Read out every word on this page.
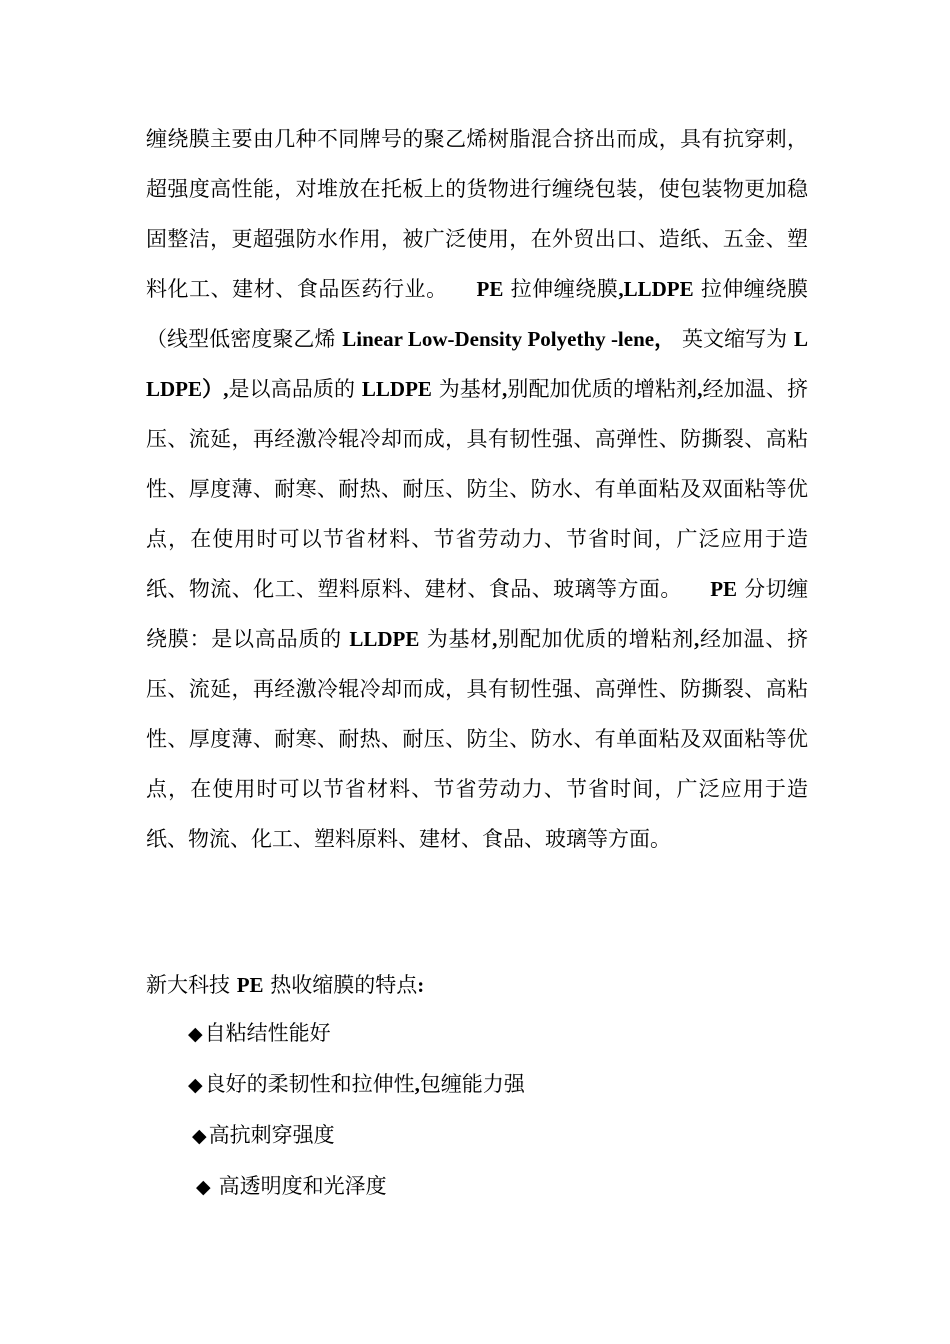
缠绕膜主要由几种不同牌号的聚乙烯树脂混合挤出而成，具有抗穿刺，超强度高性能，对堆放在托板上的货物进行缠绕包装，使包装物更加稳固整洁，更超强防水作用，被广泛使用，在外贸出口、造纸、五金、塑料化工、建材、食品医药行业。 PE 拉伸缠绕膜,LLDPE 拉伸缠绕膜（线型低密度聚乙烯 Linear Low-Density Polyethy -lene， 英文缩写为 LLDPE）,是以高品质的 LLDPE 为基材,别配加优质的增粘剂,经加温、挤压、流延，再经激冷辊冷却而成，具有韧性强、高弹性、防撕裂、高粘性、厚度薄、耐寒、耐热、耐压、防尘、防水、有单面粘及双面粘等优点，在使用时可以节省材料、节省劳动力、节省时间，广泛应用于造纸、物流、化工、塑料原料、建材、食品、玻璃等方面。 PE 分切缠绕膜：是以高品质的 LLDPE 为基材,别配加优质的增粘剂,经加温、挤压、流延，再经激冷辊冷却而成，具有韧性强、高弹性、防撕裂、高粘性、厚度薄、耐寒、耐热、耐压、防尘、防水、有单面粘及双面粘等优点，在使用时可以节省材料、节省劳动力、节省时间，广泛应用于造纸、物流、化工、塑料原料、建材、食品、玻璃等方面。

新大科技 PE 热收缩膜的特点:

◆自粘结性能好
◆良好的柔韧性和拉伸性,包缠能力强
◆高抗刺穿强度
◆ 高透明度和光泽度
